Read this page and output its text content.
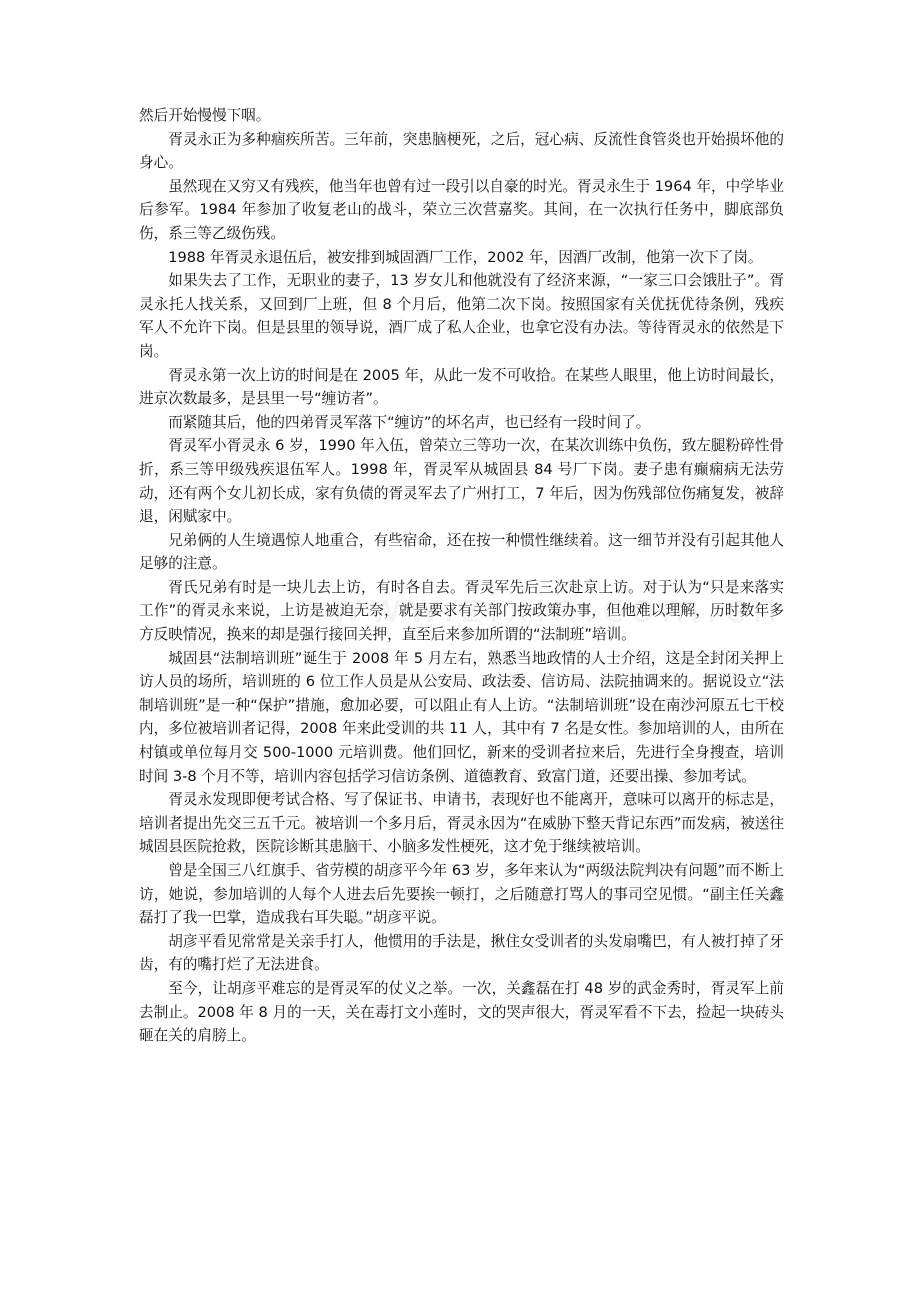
然后开始慢慢下咽。

胥灵永正为多种痼疾所苦。三年前，突患脑梗死，之后，冠心病、反流性食管炎也开始损坏他的身心。

虽然现在又穷又有残疾，他当年也曾有过一段引以自豪的时光。胥灵永生于 1964 年，中学毕业后参军。1984 年参加了收复老山的战斗，荣立三次营嘉奖。其间，在一次执行任务中，脚底部负伤，系三等乙级伤残。

1988 年胥灵永退伍后，被安排到城固酒厂工作，2002 年，因酒厂改制，他第一次下了岗。

如果失去了工作，无职业的妻子，13 岁女儿和他就没有了经济来源，“一家三口会饿肚子”。胥灵永托人找关系，又回到厂上班，但 8 个月后，他第二次下岗。按照国家有关优抚优待条例，残疾军人不允许下岗。但是县里的领导说，酒厂成了私人企业，也拿它没有办法。等待胥灵永的依然是下岗。

胥灵永第一次上访的时间是在 2005 年，从此一发不可收拾。在某些人眼里，他上访时间最长，进京次数最多，是县里一号“缠访者”。

而紧随其后，他的四弟胥灵军落下“缠访”的坏名声，也已经有一段时间了。

胥灵军小胥灵永 6 岁，1990 年入伍，曾荣立三等功一次，在某次训练中负伤，致左腿粉碎性骨折，系三等甲级残疾退伍军人。1998 年，胥灵军从城固县 84 号厂下岗。妻子患有癫痫病无法劳动，还有两个女儿初长成，家有负债的胥灵军去了广州打工，7 年后，因为伤残部位伤痛复发，被辞退，闲赋家中。

兄弟俩的人生境遇惊人地重合，有些宿命，还在按一种惯性继续着。这一细节并没有引起其他人足够的注意。

胥氏兄弟有时是一块儿去上访，有时各自去。胥灵军先后三次赴京上访。对于认为“只是来落实工作”的胥灵永来说，上访是被迫无奈，就是要求有关部门按政策办事，但他难以理解，历时数年多方反映情况，换来的却是强行接回关押，直至后来参加所谓的“法制班”培训。

城固县“法制培训班”诞生于 2008 年 5 月左右，熟悉当地政情的人士介绍，这是全封闭关押上访人员的场所，培训班的 6 位工作人员是从公安局、政法委、信访局、法院抽调来的。据说设立“法制培训班”是一种“保护”措施，愈加必要，可以阻止有人上访。“法制培训班”设在南沙河原五七干校内，多位被培训者记得，2008 年来此受训的共 11 人，其中有 7 名是女性。参加培训的人，由所在村镇或单位每月交 500-1000 元培训费。他们回忆，新来的受训者拉来后，先进行全身搜查，培训时间 3-8 个月不等，培训内容包括学习信访条例、道德教育、致富门道，还要出操、参加考试。

胥灵永发现即便考试合格、写了保证书、申请书，表现好也不能离开，意味可以离开的标志是，培训者提出先交三五千元。被培训一个多月后，胥灵永因为“在威胁下整天背记东西”而发病，被送往城固县医院抢救，医院诊断其患脑干、小脑多发性梗死，这才免于继续被培训。

曾是全国三八红旗手、省劳模的胡彦平今年 63 岁，多年来认为“两级法院判决有问题”而不断上访，她说，参加培训的人每个人进去后先要挨一顿打，之后随意打骂人的事司空见惯。“副主任关鑫磊打了我一巴掌，造成我右耳失聪。”胡彦平说。

胡彦平看见常常是关亲手打人，他惯用的手法是，揪住女受训者的头发扇嘴巴，有人被打掉了牙齿，有的嘴打烂了无法进食。

至今，让胡彦平难忘的是胥灵军的仗义之举。一次，关鑫磊在打 48 岁的武金秀时，胥灵军上前去制止。2008 年 8 月的一天，关在毒打文小莲时，文的哭声很大，胥灵军看不下去，捡起一块砖头砸在关的肩膀上。
